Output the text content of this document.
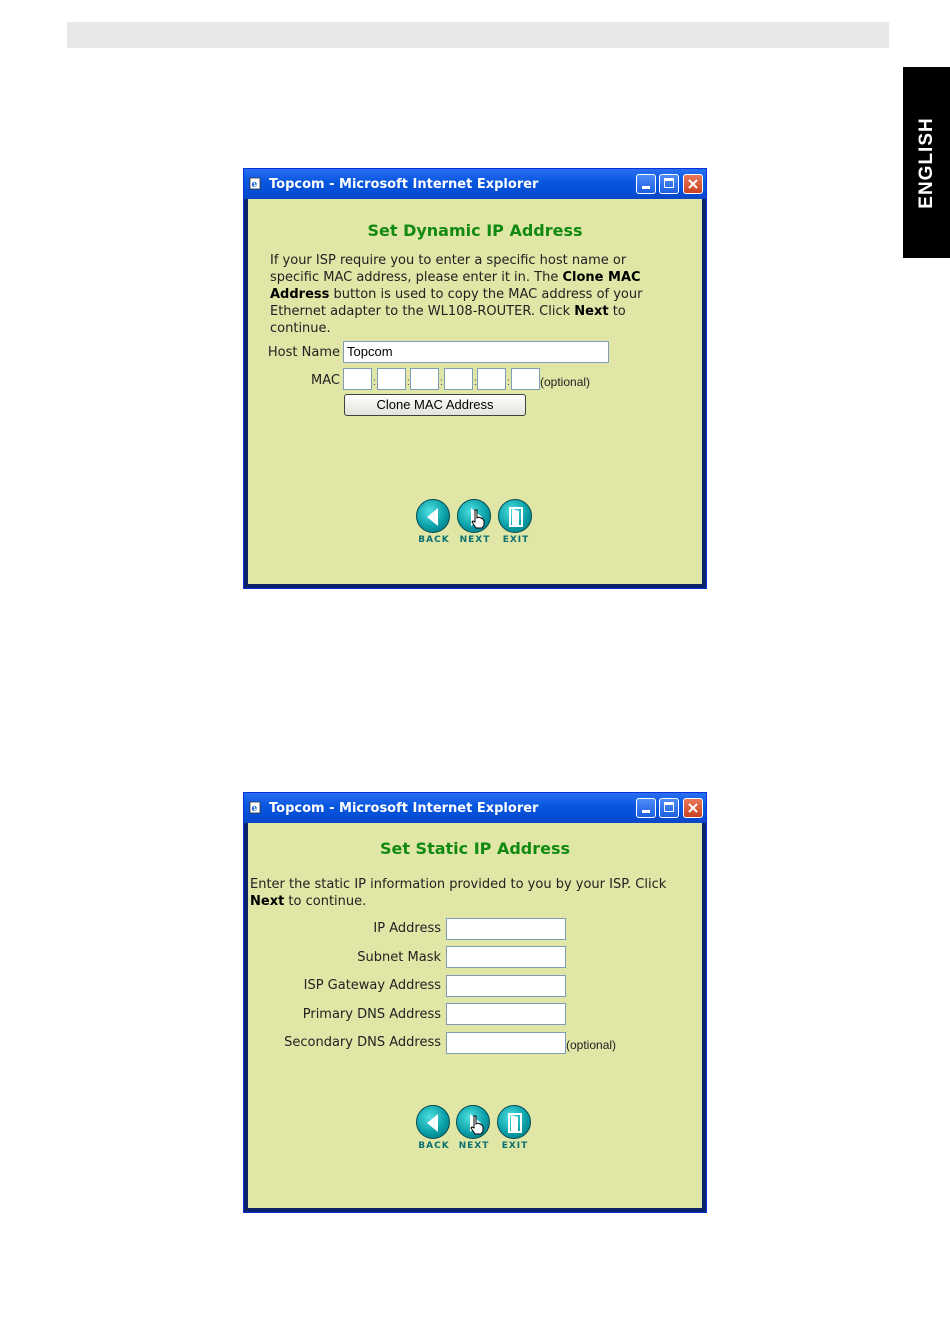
ENGLISH
e Topcom - Microsoft Internet Explorer
Set Dynamic IP Address
If your ISP require you to enter a specific host name or specific MAC address, please enter it in. The Clone MAC Address button is used to copy the MAC address of your Ethernet adapter to the WL108-ROUTER. Click Next to continue.
Host Name Topcom
MAC	:	:	:	:	:	(optional)
Clone MAC Address
BACK	NEXT	EXIT
e Topcom - Microsoft Internet Explorer
Set Static IP Address
Enter the static IP information provided to you by your ISP. Click Next to continue.
IP Address
Subnet Mask
ISP Gateway Address
Primary DNS Address
Secondary DNS Address	(optional)
BACK NEXT	EXIT
